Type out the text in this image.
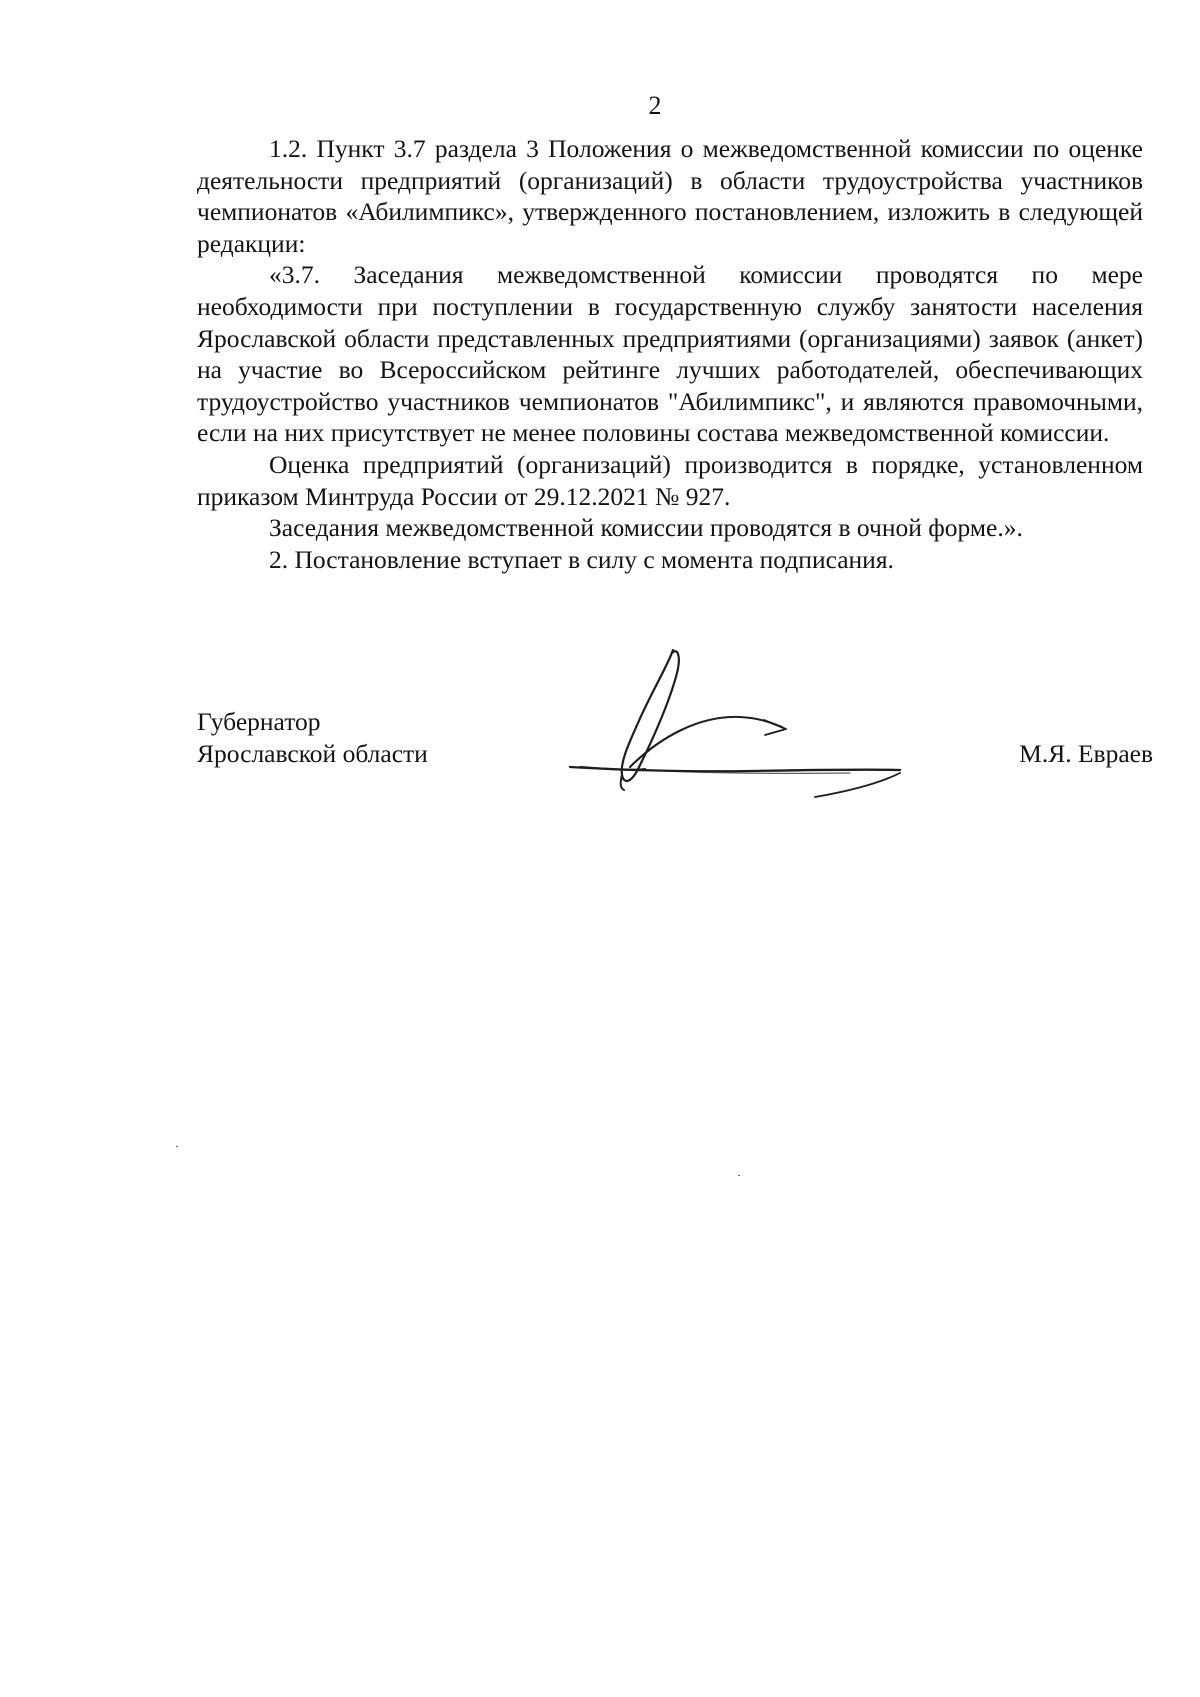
2

1.2. Пункт 3.7 раздела 3 Положения о межведомственной комиссии по оценке деятельности предприятий (организаций) в области трудоустройства участников чемпионатов «Абилимпикс», утвержденного постановлением, изложить в следующей редакции:

«3.7. Заседания межведомственной комиссии проводятся по мере необходимости при поступлении в государственную службу занятости населения Ярославской области представленных предприятиями (организациями) заявок (анкет) на участие во Всероссийском рейтинге лучших работодателей, обеспечивающих трудоустройство участников чемпионатов "Абилимпикс", и являются правомочными, если на них присутствует не менее половины состава межведомственной комиссии.

Оценка предприятий (организаций) производится в порядке, установленном приказом Минтруда России от 29.12.2021 № 927.

Заседания межведомственной комиссии проводятся в очной форме.».

2. Постановление вступает в силу с момента подписания.

Губернатор
Ярославской области	М.Я. Евраев
